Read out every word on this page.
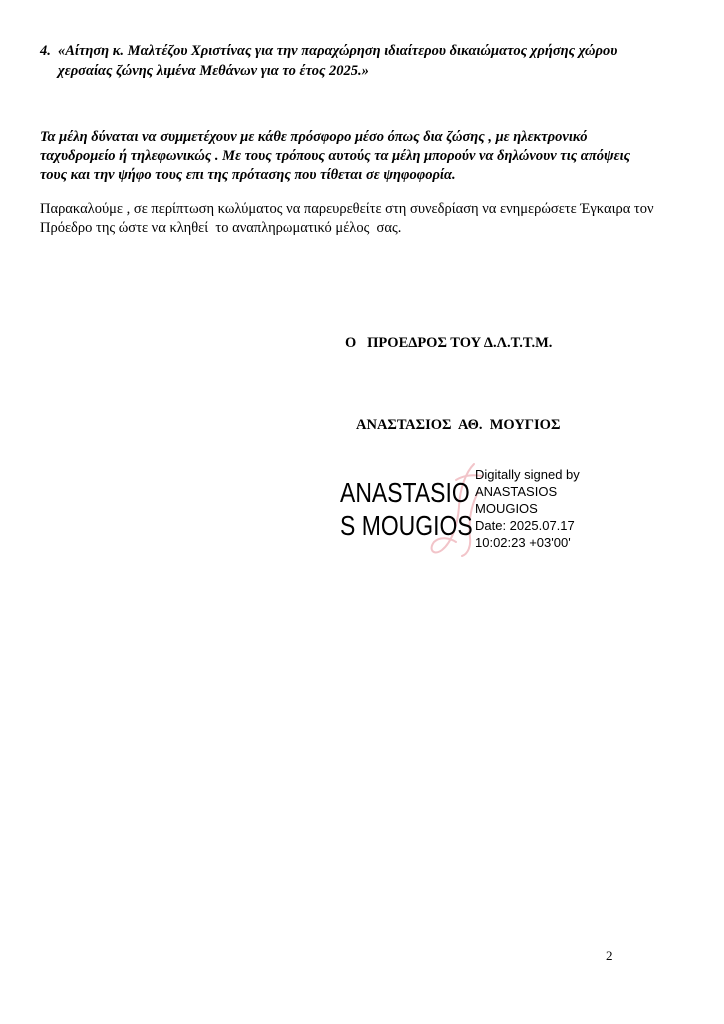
4. «Αίτηση κ. Μαλτέζου Χριστίνας για την παραχώρηση ιδιαίτερου δικαιώματος χρήσης χώρου
χερσαίας ζώνης λιμένα Μεθάνων για το έτος 2025.»
Τα μέλη δύναται να συμμετέχουν με κάθε πρόσφορο μέσο όπως δια ζώσης , με ηλεκτρονικό
ταχυδρομείο ή τηλεφωνικώς . Με τους τρόπους αυτούς τα μέλη μπορούν να δηλώνουν τις απόψεις
τους και την ψήφο τους επι της πρότασης που τίθεται σε ψηφοφορία.
Παρακαλούμε , σε περίπτωση κωλύματος να παρευρεθείτε στη συνεδρίαση να ενημερώσετε Έγκαιρα τον
Πρόεδρο της ώστε να κληθεί  το αναπληρωματικό μέλος  σας.
Ο   ΠΡΟΕΔΡΟΣ ΤΟΥ Δ.Λ.Τ.Τ.Μ.
ΑΝΑΣΤΑΣΙΟΣ  ΑΘ.  ΜΟΥΓΙΟΣ
ANASTASIO
S MOUGIOS
Digitally signed by
ANASTASIOS
MOUGIOS
Date: 2025.07.17
10:02:23 +03'00'
2
